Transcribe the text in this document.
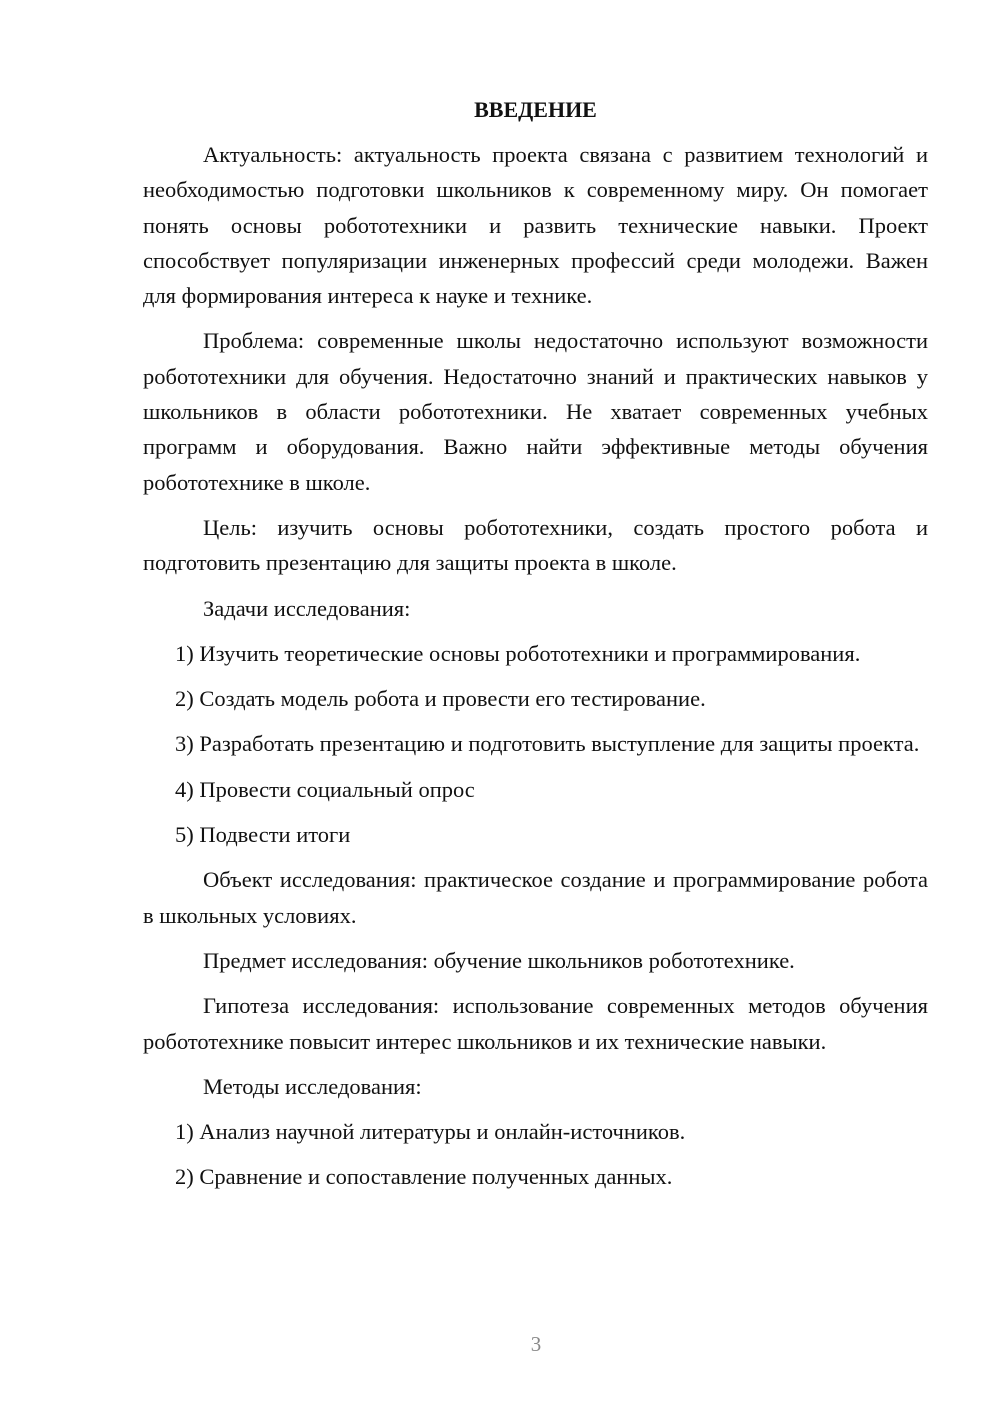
ВВЕДЕНИЕ

Актуальность: актуальность проекта связана с развитием технологий и необходимостью подготовки школьников к современному миру. Он помогает понять основы робототехники и развить технические навыки. Проект способствует популяризации инженерных профессий среди молодежи. Важен для формирования интереса к науке и технике.

Проблема: современные школы недостаточно используют возможности робототехники для обучения. Недостаточно знаний и практических навыков у школьников в области робототехники. Не хватает современных учебных программ и оборудования. Важно найти эффективные методы обучения робототехнике в школе.

Цель: изучить основы робототехники, создать простого робота и подготовить презентацию для защиты проекта в школе.

Задачи исследования:

1) Изучить теоретические основы робототехники и программирования.

2) Создать модель робота и провести его тестирование.

3) Разработать презентацию и подготовить выступление для защиты проекта.

4) Провести социальный опрос

5) Подвести итоги

Объект исследования: практическое создание и программирование робота в школьных условиях.

Предмет исследования: обучение школьников робототехнике.

Гипотеза исследования: использование современных методов обучения робототехнике повысит интерес школьников и их технические навыки.

Методы исследования:

1) Анализ научной литературы и онлайн-источников.

2) Сравнение и сопоставление полученных данных.

3
